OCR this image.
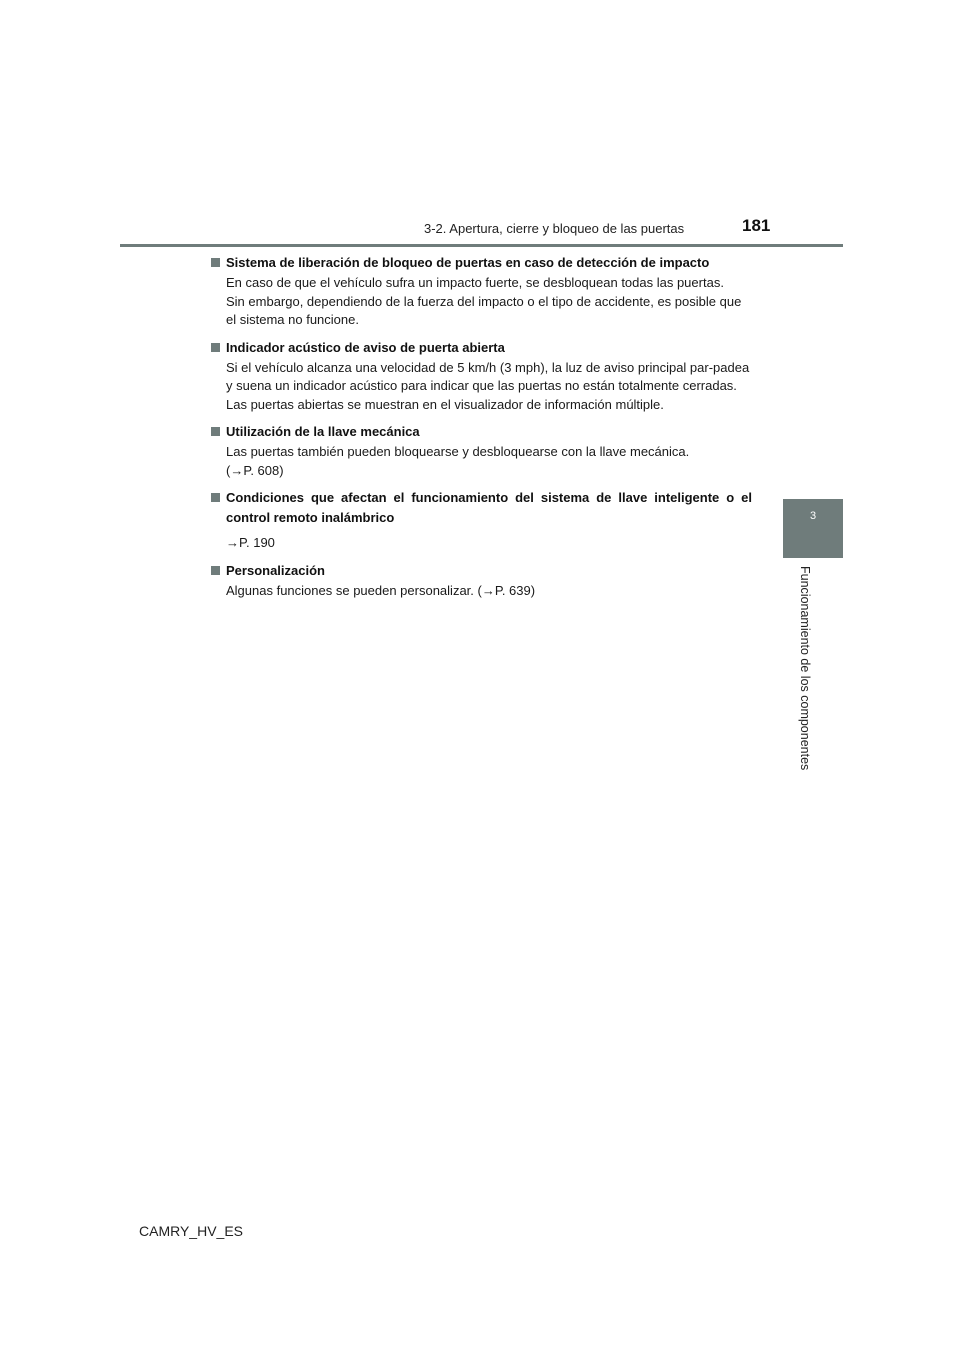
3-2. Apertura, cierre y bloqueo de las puertas	181
3
Funcionamiento de los componentes
Sistema de liberación de bloqueo de puertas en caso de detección de impacto
En caso de que el vehículo sufra un impacto fuerte, se desbloquean todas las puertas.
Sin embargo, dependiendo de la fuerza del impacto o el tipo de accidente, es posible que el sistema no funcione.
Indicador acústico de aviso de puerta abierta
Si el vehículo alcanza una velocidad de 5 km/h (3 mph), la luz de aviso principal par-padea y suena un indicador acústico para indicar que las puertas no están totalmente cerradas.
Las puertas abiertas se muestran en el visualizador de información múltiple.
Utilización de la llave mecánica
Las puertas también pueden bloquearse y desbloquearse con la llave mecánica.
(→P. 608)
Condiciones que afectan el funcionamiento del sistema de llave inteligente o el control remoto inalámbrico
→P. 190
Personalización
Algunas funciones se pueden personalizar. (→P. 639)
CAMRY_HV_ES
